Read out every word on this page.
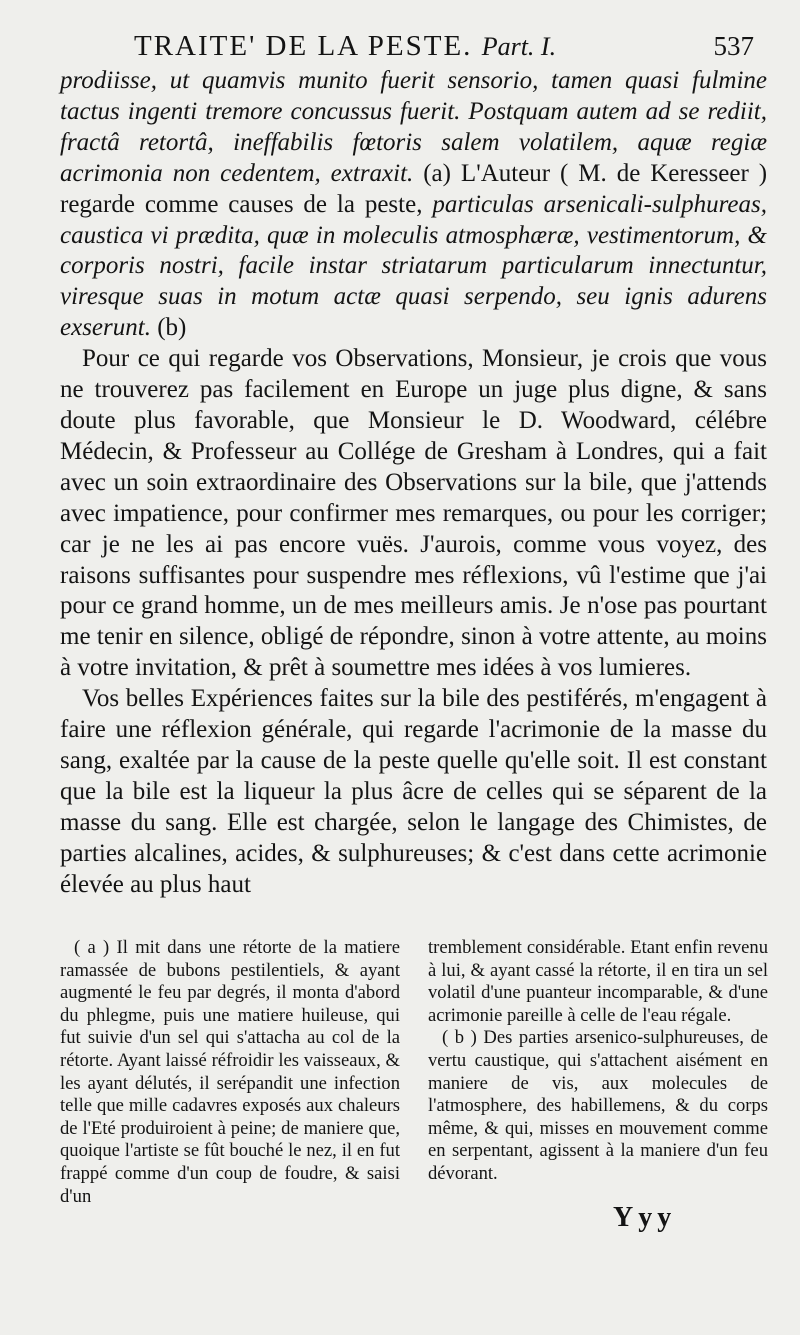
TRAITE' DE LA PESTE. Part. I.	537

prodiisse, ut quamvis munito fuerit sensorio, tamen quasi fulmine tactus ingenti tremore concussus fuerit. Postquam autem ad se rediit, fractâ retortâ, ineffabilis fœtoris salem volatilem, aquæ regiæ acrimonia non cedentem, extraxit. (a) L'Auteur ( M. de Keresseer ) regarde comme causes de la peste, particulas arsenicali-sulphureas, caustica vi prædita, quæ in moleculis atmosphæræ, vestimentorum, & corporis nostri, facile instar striatarum particularum innectuntur, viresque suas in motum actæ quasi serpendo, seu ignis adurens exserunt. (b)

Pour ce qui regarde vos Observations, Monsieur, je crois que vous ne trouverez pas facilement en Europe un juge plus digne, & sans doute plus favorable, que Monsieur le D. Woodward, célébre Médecin, & Professeur au Collége de Gresham à Londres, qui a fait avec un soin extraordinaire des Observations sur la bile, que j'attends avec impatience, pour confirmer mes remarques, ou pour les corriger; car je ne les ai pas encore vuës. J'aurois, comme vous voyez, des raisons suffisantes pour suspendre mes réflexions, vû l'estime que j'ai pour ce grand homme, un de mes meilleurs amis. Je n'ose pas pourtant me tenir en silence, obligé de répondre, sinon à votre attente, au moins à votre invitation, & prêt à soumettre mes idées à vos lumieres.

Vos belles Expériences faites sur la bile des pestiférés, m'engagent à faire une réflexion générale, qui regarde l'acrimonie de la masse du sang, exaltée par la cause de la peste quelle qu'elle soit. Il est constant que la bile est la liqueur la plus âcre de celles qui se séparent de la masse du sang. Elle est chargée, selon le langage des Chimistes, de parties alcalines, acides, & sulphureuses; & c'est dans cette acrimonie élevée au plus haut

( a ) Il mit dans une rétorte de la matiere ramassée de bubons pestilentiels, & ayant augmenté le feu par degrés, il monta d'abord du phlegme, puis une matiere huileuse, qui fut suivie d'un sel qui s'attacha au col de la rétorte. Ayant laissé réfroidir les vaisseaux, & les ayant délutés, il serépandit une infection telle que mille cadavres exposés aux chaleurs de l'Eté produiroient à peine; de maniere que, quoique l'artiste se fût bouché le nez, il en fut frappé comme d'un coup de foudre, & saisi d'un

tremblement considérable. Etant enfin revenu à lui, & ayant cassé la rétorte, il en tira un sel volatil d'une puanteur incomparable, & d'une acrimonie pareille à celle de l'eau régale.

( b ) Des parties arsenico-sulphureuses, de vertu caustique, qui s'attachent aisément en maniere de vis, aux molecules de l'atmosphere, des habillemens, & du corps même, & qui, misses en mouvement comme en serpentant, agissent à la maniere d'un feu dévorant.

Yyy
